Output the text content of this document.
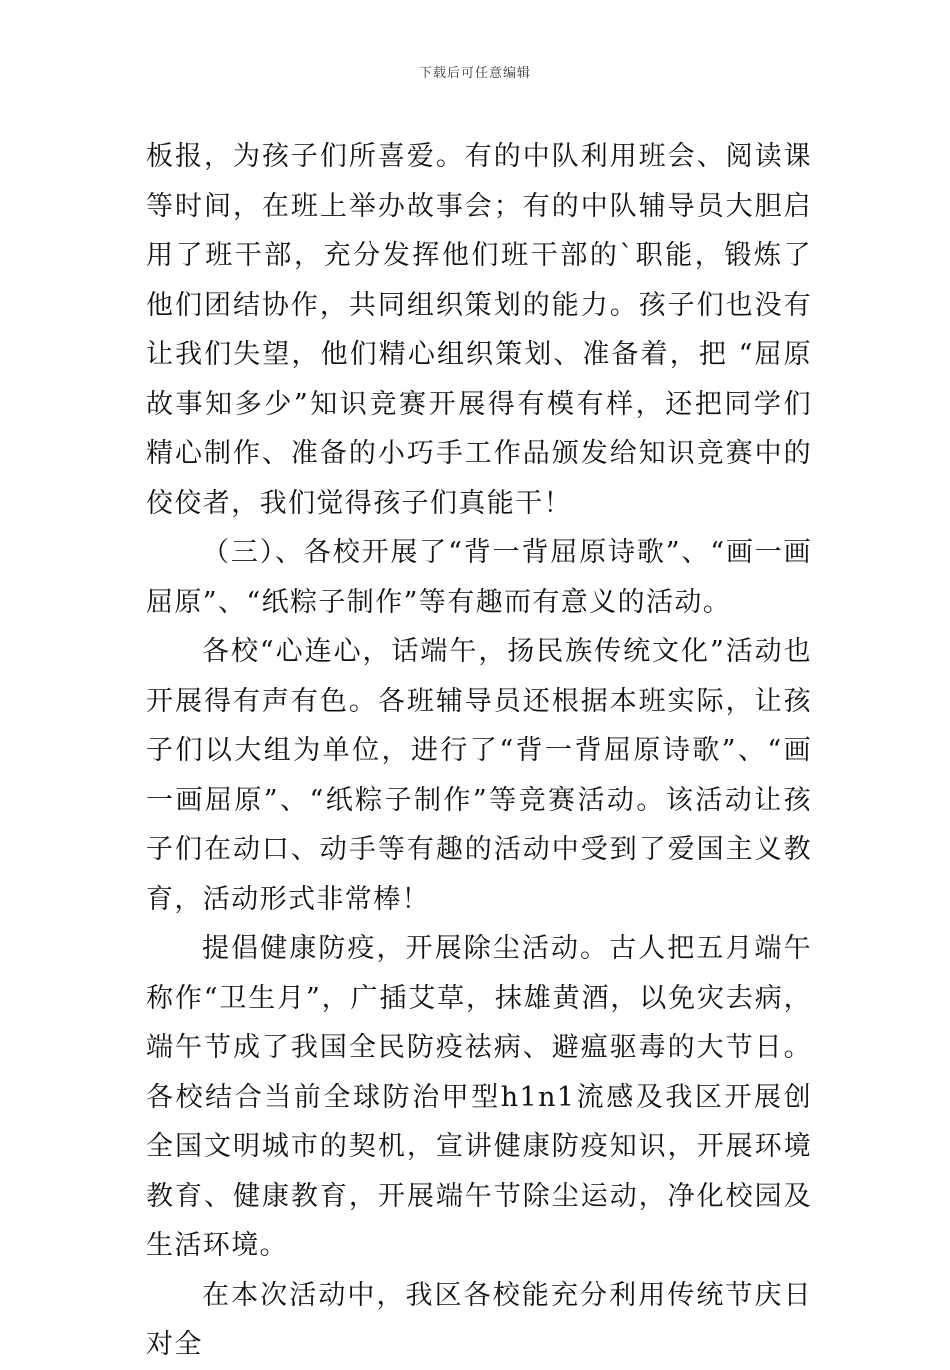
下载后可任意编辑

板报，为孩子们所喜爱。有的中队利用班会、阅读课等时间，在班上举办故事会；有的中队辅导员大胆启用了班干部，充分发挥他们班干部的`职能，锻炼了他们团结协作，共同组织策划的能力。孩子们也没有让我们失望，他们精心组织策划、准备着，把 “屈原故事知多少”知识竞赛开展得有模有样，还把同学们精心制作、准备的小巧手工作品颁发给知识竞赛中的佼佼者，我们觉得孩子们真能干！

（三）、各校开展了“背一背屈原诗歌”、“画一画屈原”、“纸粽子制作”等有趣而有意义的活动。

各校“心连心，话端午，扬民族传统文化”活动也开展得有声有色。各班辅导员还根据本班实际，让孩子们以大组为单位，进行了“背一背屈原诗歌”、“画一画屈原”、“纸粽子制作”等竞赛活动。该活动让孩子们在动口、动手等有趣的活动中受到了爱国主义教育，活动形式非常棒！

提倡健康防疫，开展除尘活动。古人把五月端午称作“卫生月”，广插艾草，抹雄黄酒，以免灾去病，端午节成了我国全民防疫祛病、避瘟驱毒的大节日。各校结合当前全球防治甲型h1n1流感及我区开展创全国文明城市的契机，宣讲健康防疫知识，开展环境教育、健康教育，开展端午节除尘运动，净化校园及生活环境。

在本次活动中，我区各校能充分利用传统节庆日对全
